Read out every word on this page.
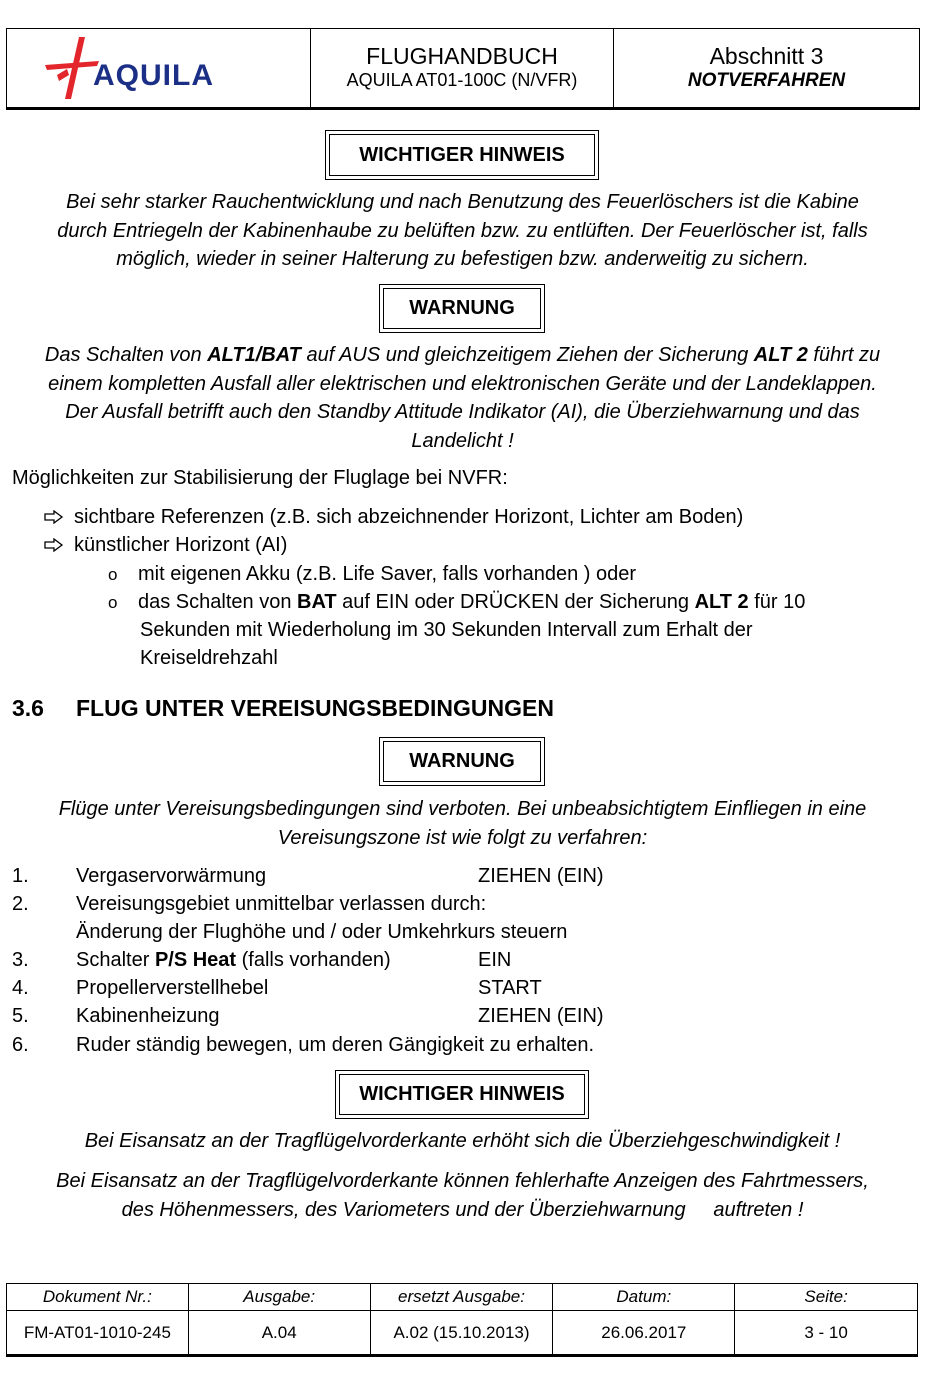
AQUILA
FLUGHANDBUCH
AQUILA AT01-100C (N/VFR)
Abschnitt 3
NOTVERFAHREN
WICHTIGER HINWEIS
Bei sehr starker Rauchentwicklung und nach Benutzung des Feuerlöschers ist die Kabine
durch Entriegeln der Kabinenhaube zu belüften bzw. zu entlüften. Der Feuerlöscher ist, falls
möglich, wieder in seiner Halterung zu befestigen bzw. anderweitig zu sichern.
WARNUNG
Das Schalten von ALT1/BAT auf AUS und gleichzeitigem Ziehen der Sicherung ALT 2 führt zu
einem kompletten Ausfall aller elektrischen und elektronischen Geräte und der Landeklappen.
Der Ausfall betrifft auch den Standby Attitude Indikator (AI), die Überziehwarnung und das
Landelicht !
Möglichkeiten zur Stabilisierung der Fluglage bei NVFR:
sichtbare Referenzen (z.B. sich abzeichnender Horizont, Lichter am Boden)
künstlicher Horizont (AI)
o mit eigenen Akku (z.B. Life Saver, falls vorhanden ) oder
o das Schalten von BAT auf EIN oder DRÜCKEN der Sicherung ALT 2 für 10
Sekunden mit Wiederholung im 30 Sekunden Intervall zum Erhalt der
Kreiseldrehzahl
3.6 FLUG UNTER VEREISUNGSBEDINGUNGEN
WARNUNG
Flüge unter Vereisungsbedingungen sind verboten. Bei unbeabsichtigtem Einfliegen in eine
Vereisungszone ist wie folgt zu verfahren:
1. Vergaservorwärmung	ZIEHEN (EIN)
2. Vereisungsgebiet unmittelbar verlassen durch:
Änderung der Flughöhe und / oder Umkehrkurs steuern
3. Schalter P/S Heat (falls vorhanden)	EIN
4. Propellerverstellhebel	START
5. Kabinenheizung	ZIEHEN (EIN)
6. Ruder ständig bewegen, um deren Gängigkeit zu erhalten.
WICHTIGER HINWEIS
Bei Eisansatz an der Tragflügelvorderkante erhöht sich die Überziehgeschwindigkeit !
Bei Eisansatz an der Tragflügelvorderkante können fehlerhafte Anzeigen des Fahrtmessers,
des Höhenmessers, des Variometers und der Überziehwarnung     auftreten !
Dokument Nr.:	Ausgabe:	ersetzt Ausgabe:	Datum:	Seite:
FM-AT01-1010-245	A.04	A.02 (15.10.2013)	26.06.2017	3 - 10
